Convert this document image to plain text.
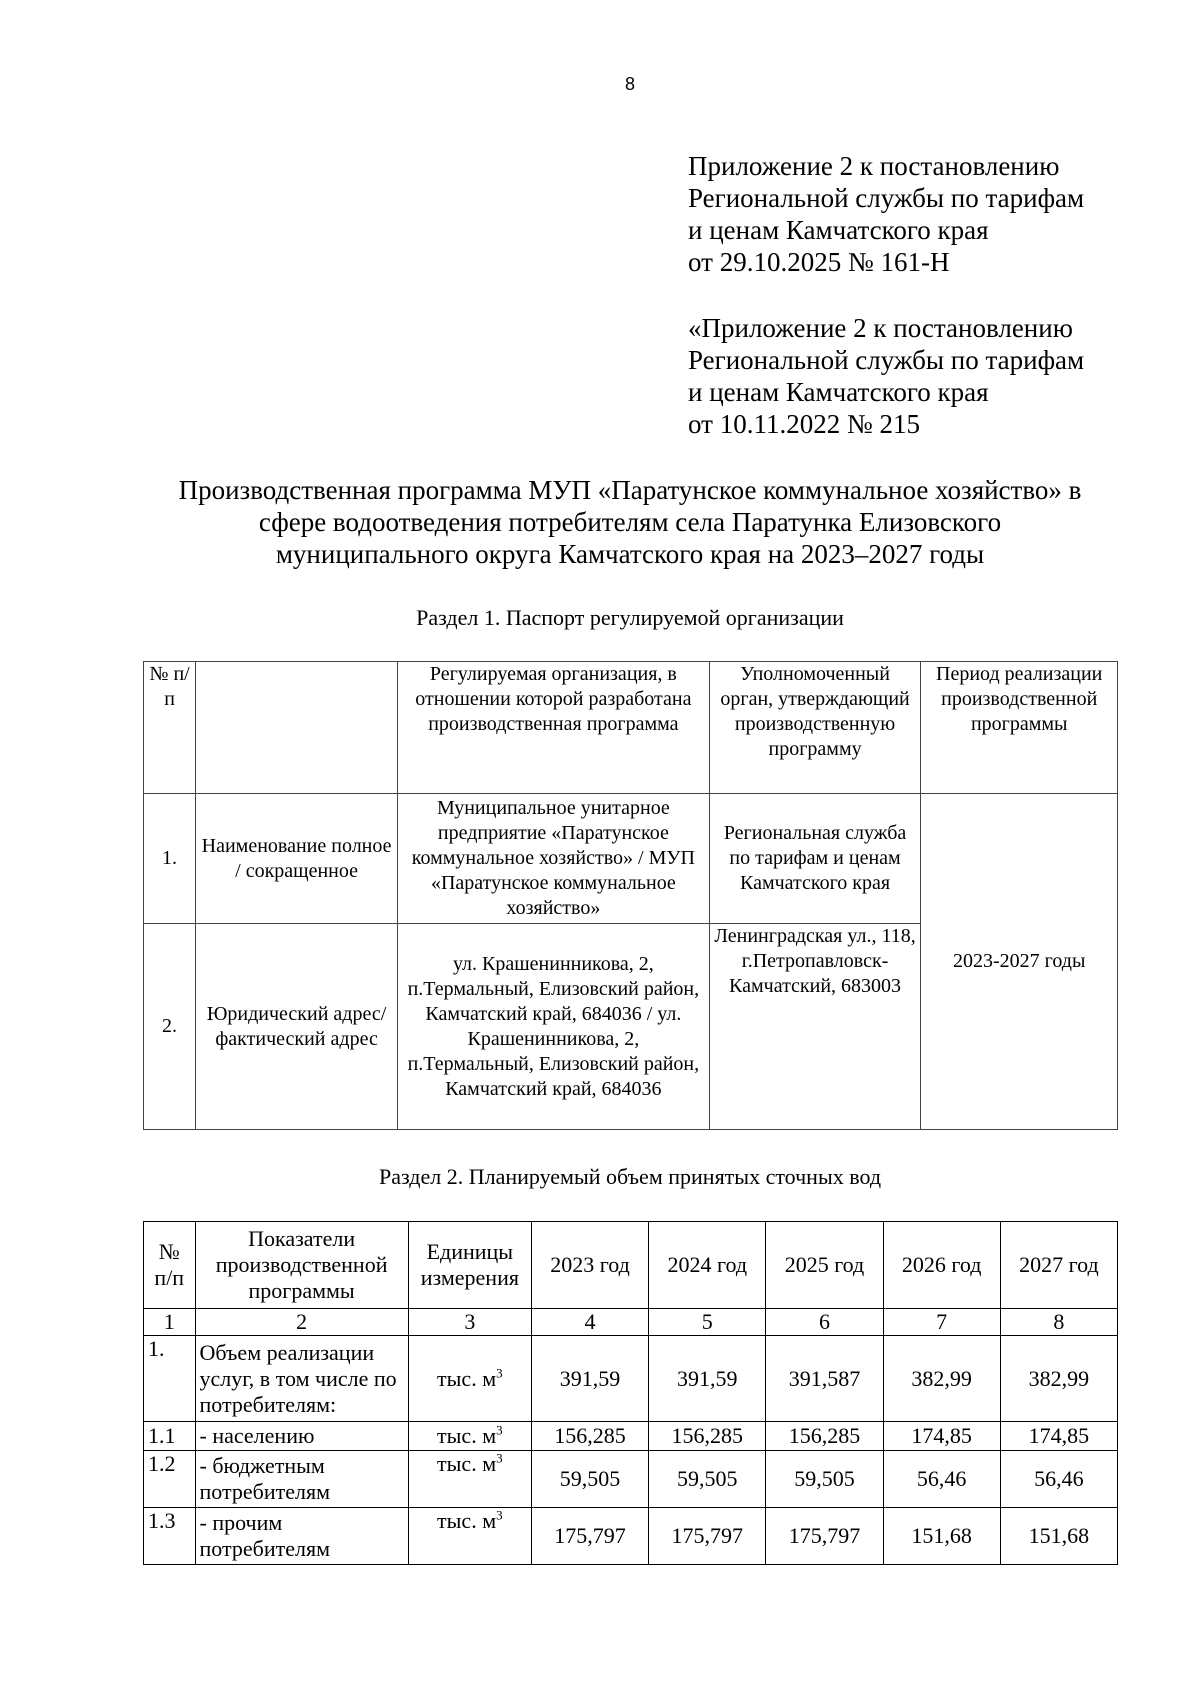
8
Приложение 2 к постановлению
Региональной службы по тарифам
и ценам Камчатского края
от 29.10.2025 № 161-Н
«Приложение 2 к постановлению
Региональной службы по тарифам
и ценам Камчатского края
от 10.11.2022 № 215
Производственная программа МУП «Паратунское коммунальное хозяйство» в
сфере водоотведения потребителям села Паратунка Елизовского
муниципального округа Камчатского края на 2023–2027 годы
Раздел 1. Паспорт регулируемой организации
№ п/п		Регулируемая организация, в отношении которой разработана производственная программа	Уполномоченный орган, утверждающий производственную программу	Период реализации производственной программы
1.	Наименование полное / сокращенное	Муниципальное унитарное предприятие «Паратунское коммунальное хозяйство» / МУП «Паратунское коммунальное хозяйство»	Региональная служба по тарифам и ценам Камчатского края	2023-2027 годы
2.	Юридический адрес/фактический адрес	ул. Крашенинникова, 2, п.Термальный, Елизовский район, Камчатский край, 684036 / ул. Крашенинникова, 2, п.Термальный, Елизовский район, Камчатский край, 684036	Ленинградская ул., 118, г.Петропавловск-Камчатский, 683003	
Раздел 2. Планируемый объем принятых сточных вод
№ п/п	Показатели производственной программы	Единицы измерения	2023 год	2024 год	2025 год	2026 год	2027 год
1	2	3	4	5	6	7	8
1.	Объем реализации услуг, в том числе по потребителям:	тыс. $м^3$	391,59	391,59	391,587	382,99	382,99
1.1	- населению	тыс. $м^3$	156,285	156,285	156,285	174,85	174,85
1.2	- бюджетным потребителям	тыс. $м^3$	59,505	59,505	59,505	56,46	56,46
1.3	- прочим потребителям	тыс. $м^3$	175,797	175,797	175,797	151,68	151,68
